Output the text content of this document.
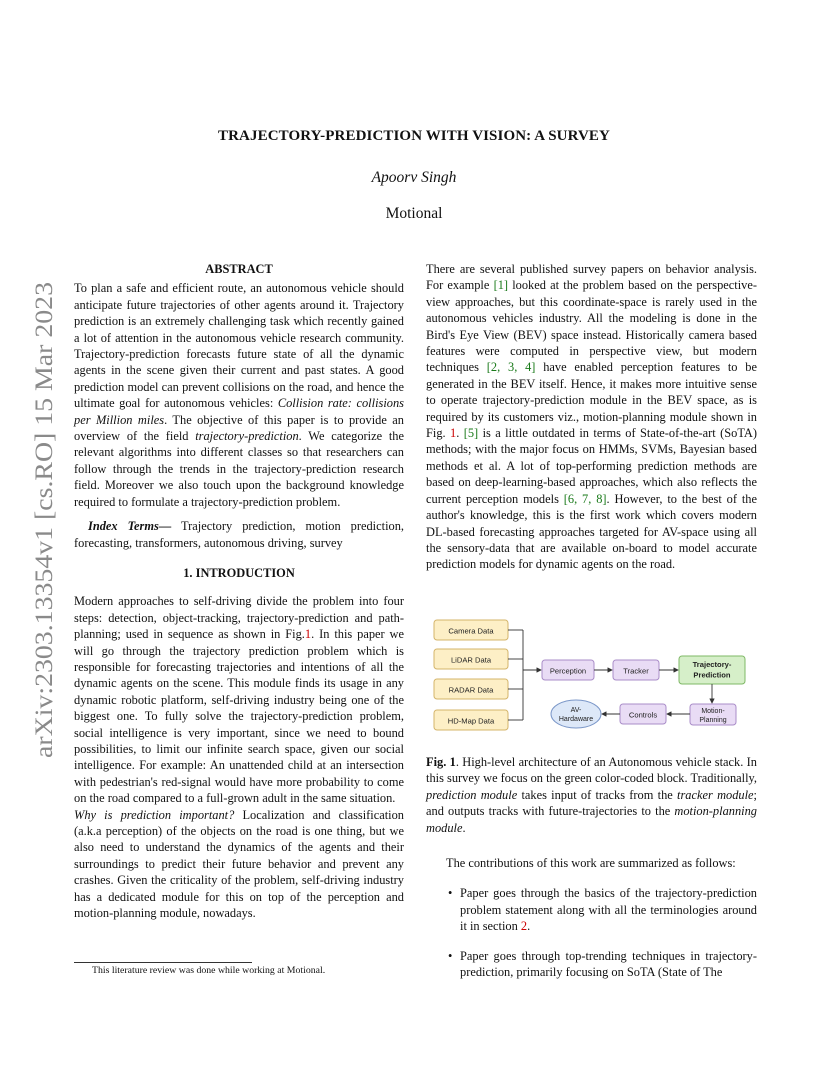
arXiv:2303.13354v1 [cs.RO] 15 Mar 2023
TRAJECTORY-PREDICTION WITH VISION: A SURVEY
Apoorv Singh
Motional

ABSTRACT

To plan a safe and efficient route, an autonomous vehicle should anticipate future trajectories of other agents around it. Trajectory prediction is an extremely challenging task which recently gained a lot of attention in the autonomous vehicle research community. Trajectory-prediction forecasts future state of all the dynamic agents in the scene given their current and past states. A good prediction model can prevent collisions on the road, and hence the ultimate goal for autonomous vehicles: Collision rate: collisions per Million miles. The objective of this paper is to provide an overview of the field trajectory-prediction. We categorize the relevant algorithms into different classes so that researchers can follow through the trends in the trajectory-prediction research field. Moreover we also touch upon the background knowledge required to formulate a trajectory-prediction problem.

Index Terms— Trajectory prediction, motion prediction, forecasting, transformers, autonomous driving, survey

1. INTRODUCTION

Modern approaches to self-driving divide the problem into four steps: detection, object-tracking, trajectory-prediction and path-planning; used in sequence as shown in Fig.1. In this paper we will go through the trajectory prediction problem which is responsible for forecasting trajectories and intentions of all the dynamic agents on the scene. This module finds its usage in any dynamic robotic platform, self-driving industry being one of the biggest one. To fully solve the trajectory-prediction problem, social intelligence is very important, since we need to bound possibilities, to limit our infinite search space, given our social intelligence. For example: An unattended child at an intersection with pedestrian's red-signal would have more probability to come on the road compared to a full-grown adult in the same situation.

Why is prediction important? Localization and classification (a.k.a perception) of the objects on the road is one thing, but we also need to understand the dynamics of the agents and their surroundings to predict their future behavior and prevent any crashes. Given the criticality of the problem, self-driving industry has a dedicated module for this on top of the perception and motion-planning module, nowadays.

This literature review was done while working at Motional.

There are several published survey papers on behavior analysis. For example [1] looked at the problem based on the perspective-view approaches, but this coordinate-space is rarely used in the autonomous vehicles industry. All the modeling is done in the Bird's Eye View (BEV) space instead. Historically camera based features were computed in perspective view, but modern techniques [2, 3, 4] have enabled perception features to be generated in the BEV itself. Hence, it makes more intuitive sense to operate trajectory-prediction module in the BEV space, as is required by its customers viz., motion-planning module shown in Fig. 1. [5] is a little outdated in terms of State-of-the-art (SoTA) methods; with the major focus on HMMs, SVMs, Bayesian based methods et al. A lot of top-performing prediction methods are based on deep-learning-based approaches, which also reflects the current perception models [6, 7, 8]. However, to the best of the author's knowledge, this is the first work which covers modern DL-based forecasting approaches targeted for AV-space using all the sensory-data that are available on-board to model accurate prediction models for dynamic agents on the road.

Camera Data
LiDAR Data
RADAR Data
HD-Map Data
Perception	Tracker
Trajectory-
Prediction
Motion-
Planning
Controls
AV-
Hardaware

Fig. 1. High-level architecture of an Autonomous vehicle stack. In this survey we focus on the green color-coded block. Traditionally, prediction module takes input of tracks from the tracker module; and outputs tracks with future-trajectories to the motion-planning module.

The contributions of this work are summarized as follows:

• Paper goes through the basics of the trajectory-prediction problem statement along with all the terminologies around it in section 2.
• Paper goes through top-trending techniques in trajectory-prediction, primarily focusing on SoTA (State of The
